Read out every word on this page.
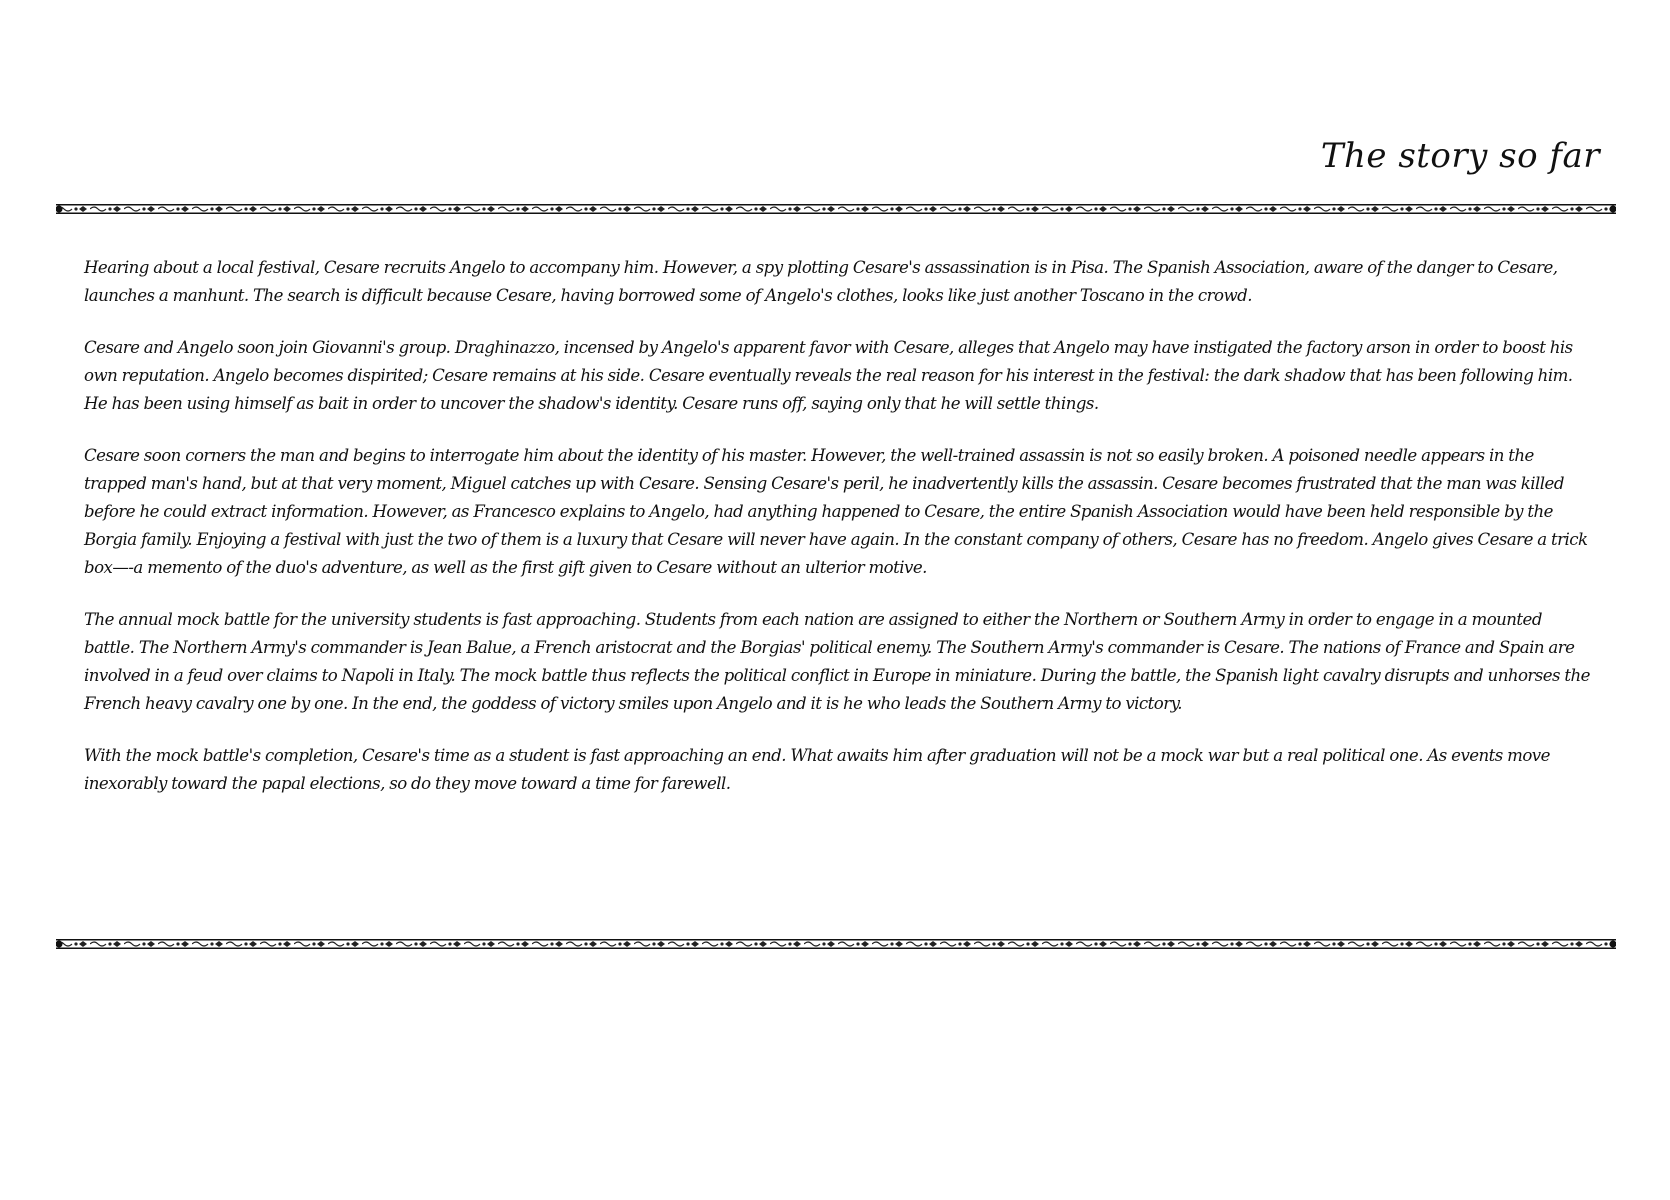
The story so far

Hearing about a local festival, Cesare recruits Angelo to accompany him. However, a spy plotting Cesare's assassination is in Pisa. The Spanish Association, aware of the danger to Cesare, launches a manhunt. The search is difficult because Cesare, having borrowed some of Angelo's clothes, looks like just another Toscano in the crowd.

Cesare and Angelo soon join Giovanni's group. Draghinazzo, incensed by Angelo's apparent favor with Cesare, alleges that Angelo may have instigated the factory arson in order to boost his own reputation. Angelo becomes dispirited; Cesare remains at his side. Cesare eventually reveals the real reason for his interest in the festival: the dark shadow that has been following him. He has been using himself as bait in order to uncover the shadow's identity. Cesare runs off, saying only that he will settle things.

Cesare soon corners the man and begins to interrogate him about the identity of his master. However, the well-trained assassin is not so easily broken. A poisoned needle appears in the trapped man's hand, but at that very moment, Miguel catches up with Cesare. Sensing Cesare's peril, he inadvertently kills the assassin. Cesare becomes frustrated that the man was killed before he could extract information. However, as Francesco explains to Angelo, had anything happened to Cesare, the entire Spanish Association would have been held responsible by the Borgia family. Enjoying a festival with just the two of them is a luxury that Cesare will never have again. In the constant company of others, Cesare has no freedom. Angelo gives Cesare a trick box—-a memento of the duo's adventure, as well as the first gift given to Cesare without an ulterior motive.

The annual mock battle for the university students is fast approaching. Students from each nation are assigned to either the Northern or Southern Army in order to engage in a mounted battle. The Northern Army's commander is Jean Balue, a French aristocrat and the Borgias' political enemy. The Southern Army's commander is Cesare. The nations of France and Spain are involved in a feud over claims to Napoli in Italy. The mock battle thus reflects the political conflict in Europe in miniature. During the battle, the Spanish light cavalry disrupts and unhorses the French heavy cavalry one by one. In the end, the goddess of victory smiles upon Angelo and it is he who leads the Southern Army to victory.

With the mock battle's completion, Cesare's time as a student is fast approaching an end. What awaits him after graduation will not be a mock war but a real political one. As events move inexorably toward the papal elections, so do they move toward a time for farewell.
